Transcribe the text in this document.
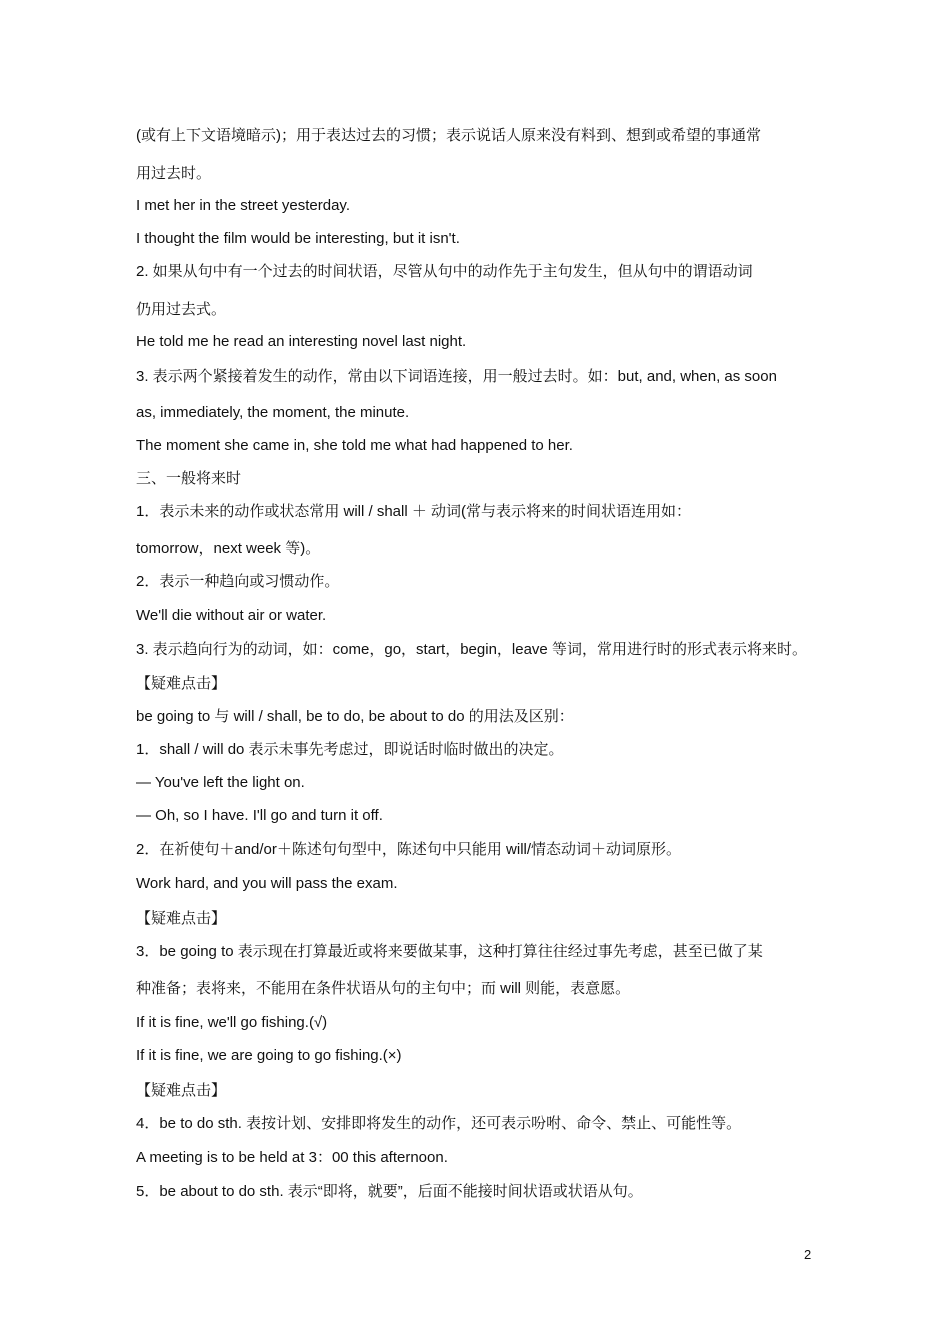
(或有上下文语境暗示)；用于表达过去的习惯；表示说话人原来没有料到、想到或希望的事通常

用过去时。

I met her in the street yesterday.

I thought the film would be interesting, but it isn't.

2. 如果从句中有一个过去的时间状语，尽管从句中的动作先于主句发生，但从句中的谓语动词

仍用过去式。

He told me he read an interesting novel last night.

3. 表示两个紧接着发生的动作，常由以下词语连接，用一般过去时。如：but, and, when, as soon

as, immediately, the moment, the minute.

The moment she came in, she told me what had happened to her.

三、一般将来时

1．表示未来的动作或状态常用 will / shall ＋ 动词(常与表示将来的时间状语连用如：

tomorrow，next week 等)。

2．表示一种趋向或习惯动作。

We'll die without air or water.

3. 表示趋向行为的动词，如：come，go，start，begin，leave 等词，常用进行时的形式表示将来时。

【疑难点击】

be going to 与 will / shall, be to do, be about to do 的用法及区别：

1．shall / will do 表示未事先考虑过，即说话时临时做出的决定。

— You've left the light on.

— Oh, so I have. I'll go and turn it off.

2．在祈使句＋and/or＋陈述句句型中，陈述句中只能用 will/情态动词＋动词原形。

Work hard, and you will pass the exam.

【疑难点击】

3．be going to 表示现在打算最近或将来要做某事，这种打算往往经过事先考虑，甚至已做了某

种准备；表将来，不能用在条件状语从句的主句中；而 will 则能，表意愿。

If it is fine, we'll go fishing.(√)

If it is fine, we are going to go fishing.(×)

【疑难点击】

4．be to do sth. 表按计划、安排即将发生的动作，还可表示吩咐、命令、禁止、可能性等。

A meeting is to be held at 3：00 this afternoon.

5．be about to do sth. 表示“即将，就要”，后面不能接时间状语或状语从句。

2
